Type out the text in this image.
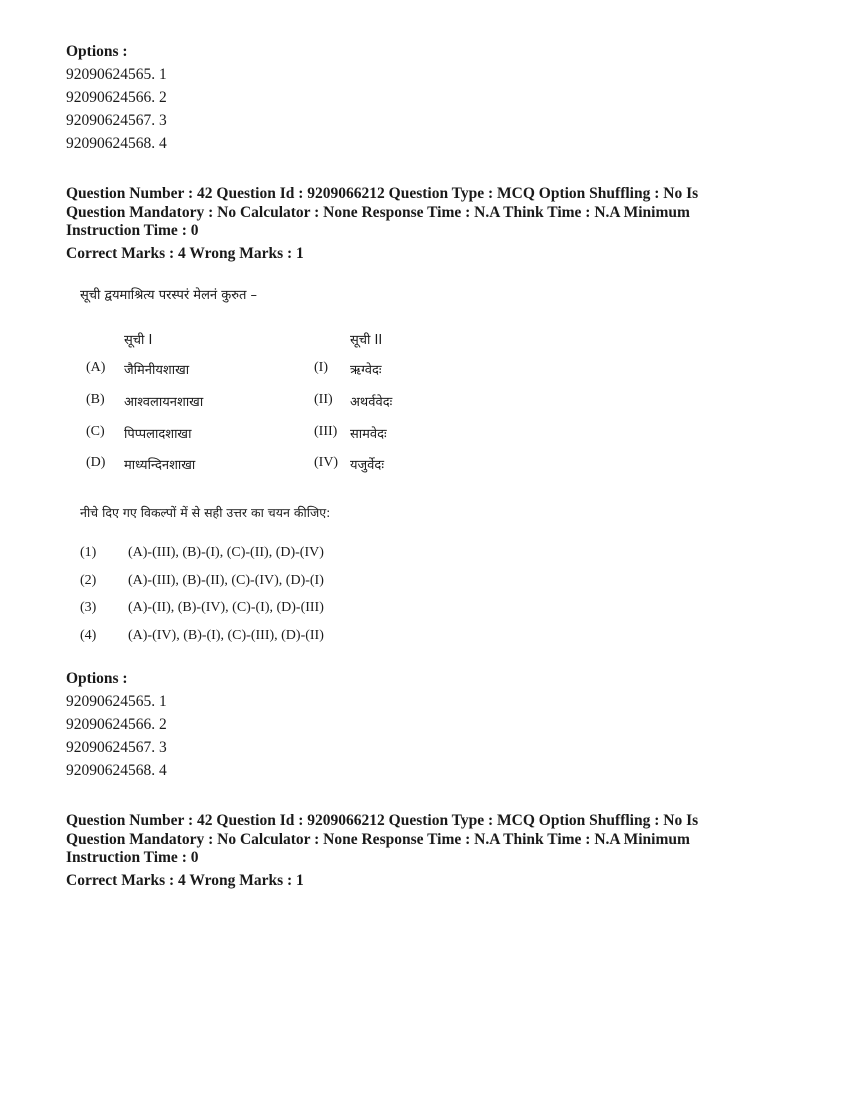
Options :
92090624565. 1
92090624566. 2
92090624567. 3
92090624568. 4
Question Number : 42 Question Id : 9209066212 Question Type : MCQ Option Shuffling : No Is
Question Mandatory : No Calculator : None Response Time : N.A Think Time : N.A Minimum
Instruction Time : 0
Correct Marks : 4 Wrong Marks : 1
सूची द्वयमाश्रित्य परस्परं मेलनं कुरुत –
सूची I	सूची II
(A) जैमिनीयशाखा	(I) ऋग्वेदः
(B) आश्वलायनशाखा	(II) अथर्ववेदः
(C) पिप्पलादशाखा	(III) सामवेदः
(D) माध्यन्दिनशाखा	(IV) यजुर्वेदः
नीचे दिए गए विकल्पों में से सही उत्तर का चयन कीजिए:
(1) (A)-(III), (B)-(I), (C)-(II), (D)-(IV)
(2) (A)-(III), (B)-(II), (C)-(IV), (D)-(I)
(3) (A)-(II), (B)-(IV), (C)-(I), (D)-(III)
(4) (A)-(IV), (B)-(I), (C)-(III), (D)-(II)
Options :
92090624565. 1
92090624566. 2
92090624567. 3
92090624568. 4
Question Number : 42 Question Id : 9209066212 Question Type : MCQ Option Shuffling : No Is
Question Mandatory : No Calculator : None Response Time : N.A Think Time : N.A Minimum
Instruction Time : 0
Correct Marks : 4 Wrong Marks : 1
